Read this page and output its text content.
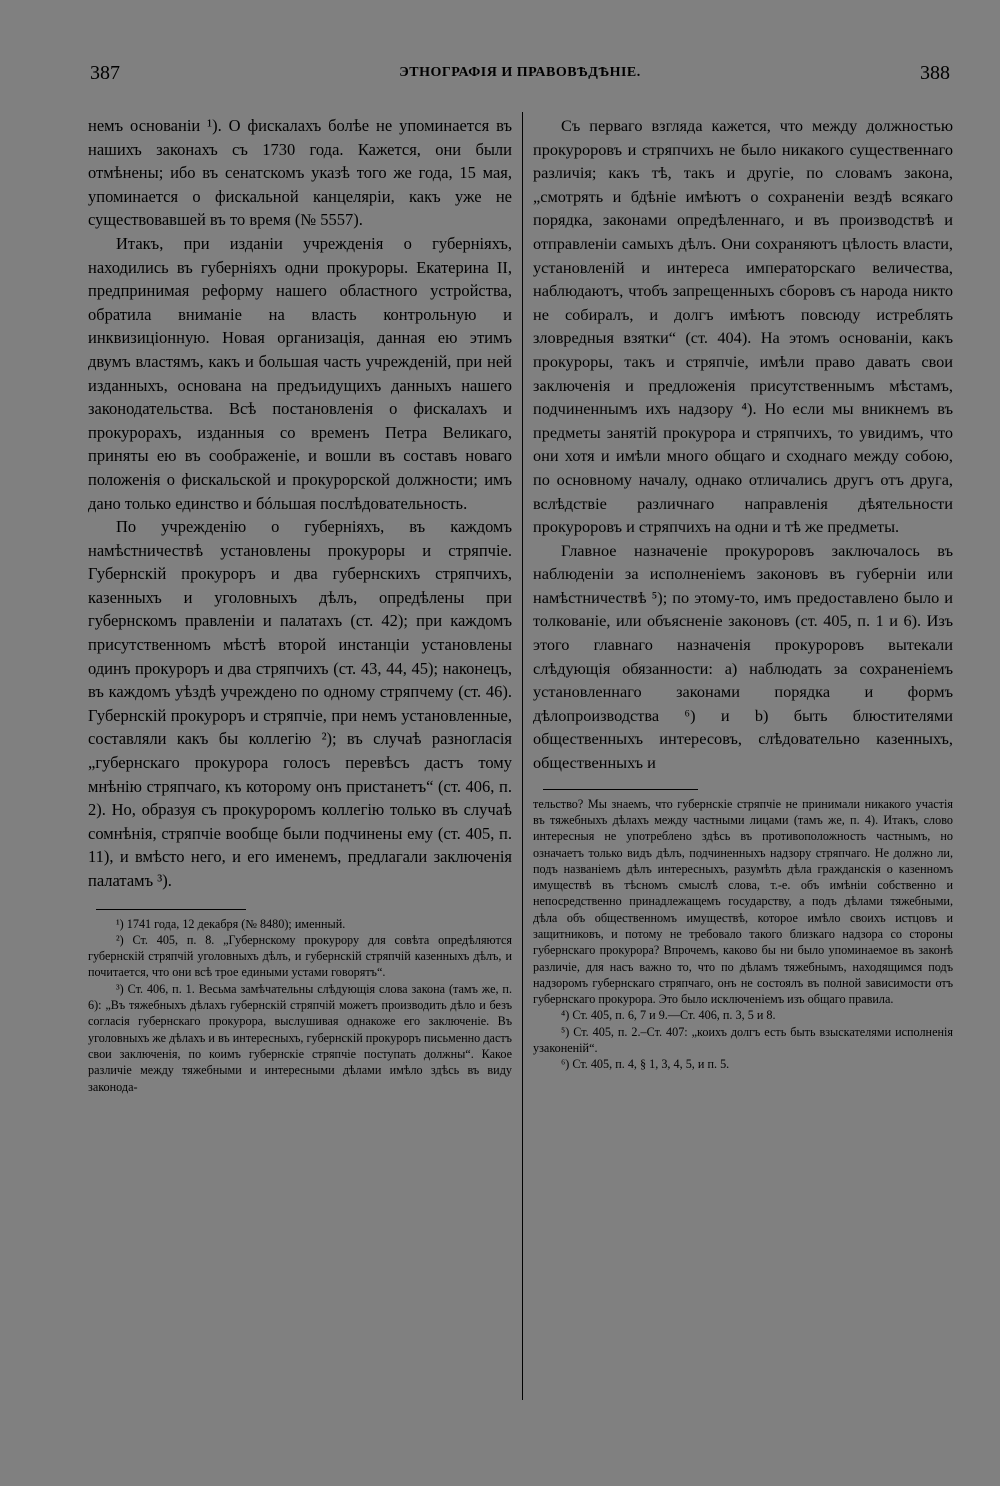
387	ЭТНОГРАФІЯ И ПРАВОВѢДѢНІЕ.	388

немъ основаніи ¹). О фискалахъ болѣе не упоминается въ нашихъ законахъ съ 1730 года. Кажется, они были отмѣнены; ибо въ сенатскомъ указѣ того же года, 15 мая, упоминается о фискальной канцеляріи, какъ уже не существовавшей въ то время (№ 5557).

Итакъ, при изданіи учрежденія о губерніяхъ, находились въ губерніяхъ одни прокуроры. Екатерина II, предпринимая реформу нашего областного устройства, обратила вниманіе на власть контрольную и инквизиціонную. Новая организація, данная ею этимъ двумъ властямъ, какъ и большая часть учрежденій, при ней изданныхъ, основана на предъидущихъ данныхъ нашего законодательства. Всѣ постановленія о фискалахъ и прокурорахъ, изданныя со временъ Петра Великаго, приняты ею въ соображеніе, и вошли въ составъ новаго положенія о фискальской и прокурорской должности; имъ дано только единство и бóльшая послѣдовательность.

По учрежденію о губерніяхъ, въ каждомъ намѣстничествѣ установлены прокуроры и стряпчіе. Губернскій прокуроръ и два губернскихъ стряпчихъ, казенныхъ и уголовныхъ дѣлъ, опредѣлены при губернскомъ правленіи и палатахъ (ст. 42); при каждомъ присутственномъ мѣстѣ второй инстанціи установлены одинъ прокуроръ и два стряпчихъ (ст. 43, 44, 45); наконецъ, въ каждомъ уѣздѣ учреждено по одному стряпчему (ст. 46). Губернскій прокуроръ и стряпчіе, при немъ установленные, составляли какъ бы коллегію ²); въ случаѣ разногласія „губернскаго прокурора голосъ перевѣсъ дастъ тому мнѣнію стряпчаго, къ которому онъ пристанетъ“ (ст. 406, п. 2). Но, образуя съ прокуроромъ коллегію только въ случаѣ сомнѣнія, стряпчіе вообще были подчинены ему (ст. 405, п. 11), и вмѣсто него, и его именемъ, предлагали заключенія палатамъ ³).

¹) 1741 года, 12 декабря (№ 8480); именный.

²) Ст. 405, п. 8. „Губернскому прокурору для совѣта опредѣляются губернскій стряпчій уголовныхъ дѣлъ, и губернскій стряпчій казенныхъ дѣлъ, и почитается, что они всѣ трое едиными устами говорятъ“.

³) Ст. 406, п. 1. Весьма замѣчательны слѣдующія слова закона (тамъ же, п. 6): „Въ тяжебныхъ дѣлахъ губернскій стряпчій можетъ производить дѣло и безъ согласія губернскаго прокурора, выслушивая однакоже его заключеніе. Въ уголовныхъ же дѣлахъ и въ интересныхъ, губернскій прокуроръ письменно дастъ свои заключенія, по коимъ губернскіе стряпчіе поступать должны“. Какое различіе между тяжебными и интересными дѣлами имѣло здѣсь въ виду законода-

Съ перваго взгляда кажется, что между должностью прокуроровъ и стряпчихъ не было никакого существеннаго различія; какъ тѣ, такъ и другіе, по словамъ закона, „смотрять и бдѣніе имѣютъ о сохраненіи вездѣ всякаго порядка, законами опредѣленнаго, и въ производствѣ и отправленіи самыхъ дѣлъ. Они сохраняютъ цѣлость власти, установленій и интереса императорскаго величества, наблюдаютъ, чтобъ запрещенныхъ сборовъ съ народа никто не собиралъ, и долгъ имѣютъ повсюду истреблять зловредныя взятки“ (ст. 404). На этомъ основаніи, какъ прокуроры, такъ и стряпчіе, имѣли право давать свои заключенія и предложенія присутственнымъ мѣстамъ, подчиненнымъ ихъ надзору ⁴). Но если мы вникнемъ въ предметы занятій прокурора и стряпчихъ, то увидимъ, что они хотя и имѣли много общаго и сходнаго между собою, по основному началу, однако отличались другъ отъ друга, вслѣдствіе различнаго направленія дѣятельности прокуроровъ и стряпчихъ на одни и тѣ же предметы.

Главное назначеніе прокуроровъ заключалось въ наблюденіи за исполненіемъ законовъ въ губерніи или намѣстничествѣ ⁵); по этому-то, имъ предоставлено было и толкованіе, или объясненіе законовъ (ст. 405, п. 1 и 6). Изъ этого главнаго назначенія прокуроровъ вытекали слѣдующія обязанности: а) наблюдать за сохраненіемъ установленнаго законами порядка и формъ дѣлопроизводства ⁶) и b) быть блюстителями общественныхъ интересовъ, слѣдовательно казенныхъ, общественныхъ и

тельство? Мы знаемъ, что губернскіе стряпчіе не принимали никакого участія въ тяжебныхъ дѣлахъ между частными лицами (тамъ же, п. 4). Итакъ, слово интересныя не употреблено здѣсь въ противоположность частнымъ, но означаетъ только видъ дѣлъ, подчиненныхъ надзору стряпчаго. Не должно ли, подъ названіемъ дѣлъ интересныхъ, разумѣть дѣла гражданскія о казенномъ имуществѣ въ тѣсномъ смыслѣ слова, т.-е. объ имѣніи собственно и непосредственно принадлежащемъ государству, а подъ дѣлами тяжебными, дѣла объ общественномъ имуществѣ, которое имѣло своихъ истцовъ и защитниковъ, и потому не требовало такого близкаго надзора со стороны губернскаго прокурора? Впрочемъ, каково бы ни было упоминаемое въ законѣ различіе, для насъ важно то, что по дѣламъ тяжебнымъ, находящимся подъ надзоромъ губернскаго стряпчаго, онъ не состоялъ въ полной зависимости отъ губернскаго прокурора. Это было исключеніемъ изъ общаго правила.

⁴) Ст. 405, п. 6, 7 и 9.—Ст. 406, п. 3, 5 и 8.

⁵) Ст. 405, п. 2.–Ст. 407: „коихъ долгъ есть быть взыскателями исполненія узаконеній“.

⁶) Ст. 405, п. 4, § 1, 3, 4, 5, и п. 5.
